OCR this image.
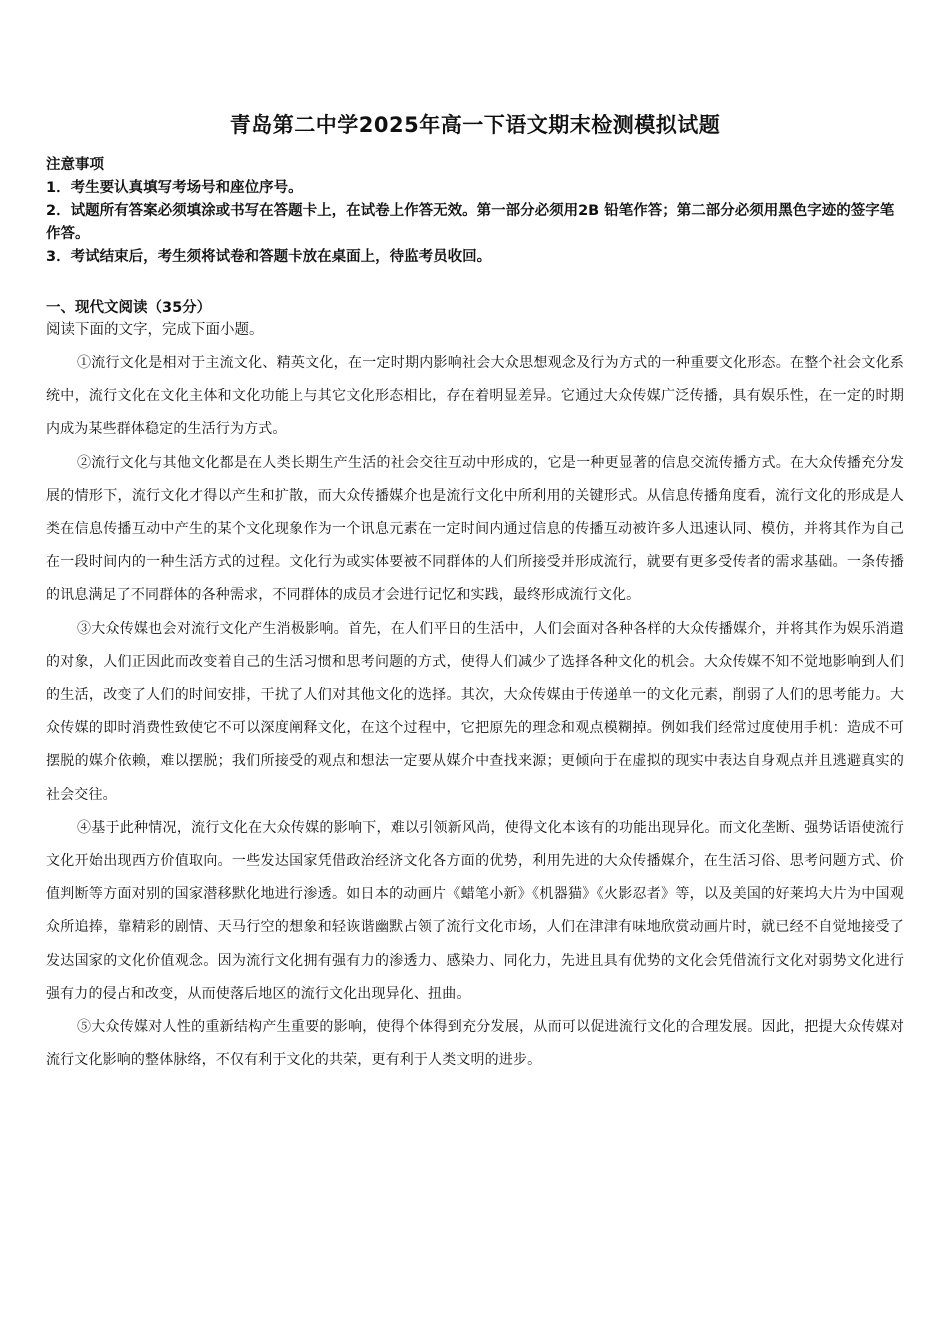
青岛第二中学2025年高一下语文期末检测模拟试题

注意事项

1．考生要认真填写考场号和座位序号。

2．试题所有答案必须填涂或书写在答题卡上，在试卷上作答无效。第一部分必须用2B 铅笔作答；第二部分必须用黑色字迹的签字笔作答。

3．考试结束后，考生须将试卷和答题卡放在桌面上，待监考员收回。

一、现代文阅读（35分）
阅读下面的文字，完成下面小题。

①流行文化是相对于主流文化、精英文化，在一定时期内影响社会大众思想观念及行为方式的一种重要文化形态。在整个社会文化系统中，流行文化在文化主体和文化功能上与其它文化形态相比，存在着明显差异。它通过大众传媒广泛传播，具有娱乐性，在一定的时期内成为某些群体稳定的生活行为方式。

②流行文化与其他文化都是在人类长期生产生活的社会交往互动中形成的，它是一种更显著的信息交流传播方式。在大众传播充分发展的情形下，流行文化才得以产生和扩散，而大众传播媒介也是流行文化中所利用的关键形式。从信息传播角度看，流行文化的形成是人类在信息传播互动中产生的某个文化现象作为一个讯息元素在一定时间内通过信息的传播互动被许多人迅速认同、模仿，并将其作为自己在一段时间内的一种生活方式的过程。文化行为或实体要被不同群体的人们所接受并形成流行，就要有更多受传者的需求基础。一条传播的讯息满足了不同群体的各种需求，不同群体的成员才会进行记忆和实践，最终形成流行文化。

③大众传媒也会对流行文化产生消极影响。首先，在人们平日的生活中，人们会面对各种各样的大众传播媒介，并将其作为娱乐消遣的对象，人们正因此而改变着自己的生活习惯和思考问题的方式，使得人们减少了选择各种文化的机会。大众传媒不知不觉地影响到人们的生活，改变了人们的时间安排，干扰了人们对其他文化的选择。其次，大众传媒由于传递单一的文化元素，削弱了人们的思考能力。大众传媒的即时消费性致使它不可以深度阐释文化，在这个过程中，它把原先的理念和观点模糊掉。例如我们经常过度使用手机：造成不可摆脱的媒介依赖，难以摆脱；我们所接受的观点和想法一定要从媒介中查找来源；更倾向于在虚拟的现实中表达自身观点并且逃避真实的社会交往。

④基于此种情况，流行文化在大众传媒的影响下，难以引领新风尚，使得文化本该有的功能出现异化。而文化垄断、强势话语使流行文化开始出现西方价值取向。一些发达国家凭借政治经济文化各方面的优势，利用先进的大众传播媒介，在生活习俗、思考问题方式、价值判断等方面对别的国家潜移默化地进行渗透。如日本的动画片《蜡笔小新》《机器猫》《火影忍者》等，以及美国的好莱坞大片为中国观众所追捧，靠精彩的剧情、天马行空的想象和轻诙谐幽默占领了流行文化市场，人们在津津有味地欣赏动画片时，就已经不自觉地接受了发达国家的文化价值观念。因为流行文化拥有强有力的渗透力、感染力、同化力，先进且具有优势的文化会凭借流行文化对弱势文化进行强有力的侵占和改变，从而使落后地区的流行文化出现异化、扭曲。

⑤大众传媒对人性的重新结构产生重要的影响，使得个体得到充分发展，从而可以促进流行文化的合理发展。因此，把提大众传媒对流行文化影响的整体脉络，不仅有利于文化的共荣，更有利于人类文明的进步。
